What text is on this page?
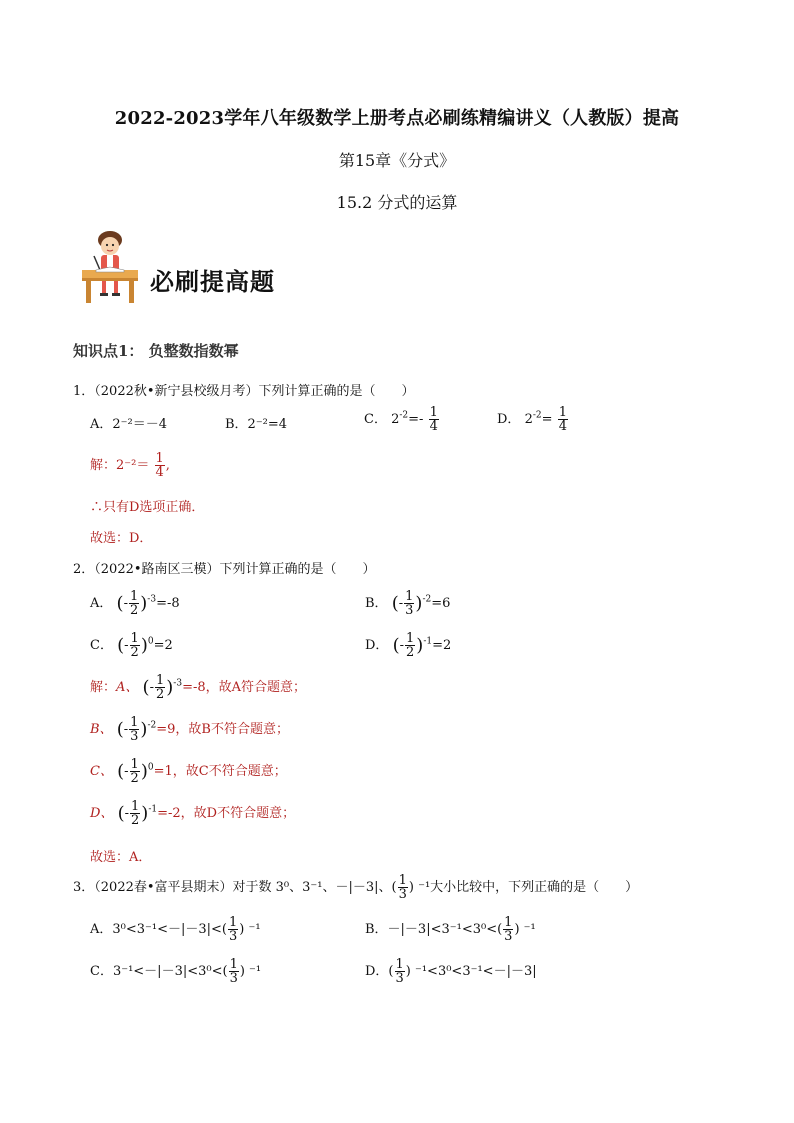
2022-2023学年八年级数学上册考点必刷练精编讲义（人教版）提高
第15章《分式》
15.2 分式的运算
必刷提高题
知识点1： 负整数指数幂
1．（2022秋•新宁县校级月考）下列计算正确的是（　　）
A．2⁻²＝－4	B．2⁻²=4	C． $2^{-2}=- \frac{1}{4}$	D． $2^{-2}= \frac{1}{4}$
解：$2^{-2}= \frac{1}{4}$ ,
∴只有D选项正确．
故选：D．
2．（2022•路南区三模）下列计算正确的是（　　）
A． (- $\frac{1}{2} )^{-3}=-8$	B． (- $\frac{1}{3} )^{-2}=6$
C． (- $\frac{1}{2} )^0=2$	D． (- $\frac{1}{2} )^{-1}=2$
解：A、 (- $\frac{1}{2} )^{-3}=-8$，故A符合题意；
B、 (- $\frac{1}{3} )^{-2}=9$，故B不符合题意；
C、 (- $\frac{1}{2} )^0=1$，故C不符合题意；
D、 (- $\frac{1}{2} )^{-1}=-2$，故D不符合题意；
故选：A．
3．（2022春•富平县期末）对于数 3⁰、3⁻¹、－|－3|、( $\frac{1}{3}$ ) ⁻¹大小比较中，下列正确的是（　　）
A．$3^0<3^{-1}<-|-3|<( \frac{1}{3}$ ) ⁻¹	B．$-|-3|<3^{-1}<3^0<( \frac{1}{3}$ ) ⁻¹
C．$3^{-1}<-|-3|<3^0<( \frac{1}{3}$ ) ⁻¹	D．( $\frac{1}{3}$ ) ⁻¹<3⁰<3⁻¹<－|－3|
